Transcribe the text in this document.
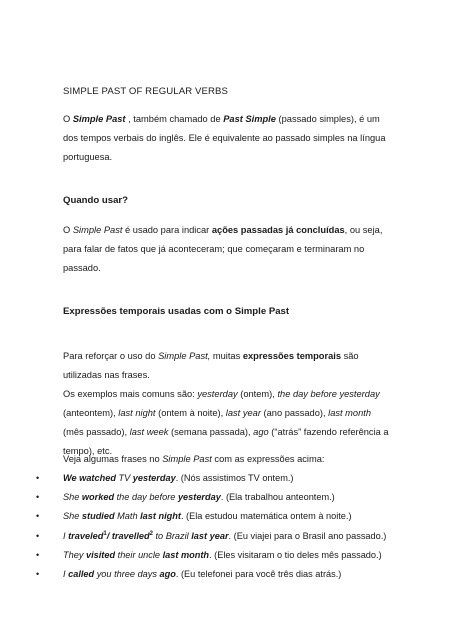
SIMPLE PAST OF REGULAR VERBS
O Simple Past , também chamado de Past Simple (passado simples), é um dos tempos verbais do inglês. Ele é equivalente ao passado simples na língua portuguesa.
Quando usar?
O Simple Past é usado para indicar ações passadas já concluídas, ou seja, para falar de fatos que já aconteceram; que começaram e terminaram no passado.
Expressões temporais usadas com o Simple Past
Para reforçar o uso do Simple Past, muitas expressões temporais são utilizadas nas frases.
Os exemplos mais comuns são: yesterday (ontem), the day before yesterday (anteontem), last night (ontem à noite), last year (ano passado), last month (mês passado), last week (semana passada), ago (“atrás” fazendo referência a tempo), etc.
Veja algumas frases no Simple Past com as expressões acima:
•	We watched TV yesterday. (Nós assistimos TV ontem.)
•	She worked the day before yesterday. (Ela trabalhou anteontem.)
•	She studied Math last night. (Ela estudou matemática ontem à noite.)
•	I traveled$^1$/ travelled$^2$ to Brazil last year. (Eu viajei para o Brasil ano passado.)
•	They visited their uncle last month. (Eles visitaram o tio deles mês passado.)
•	I called you three days ago. (Eu telefonei para você três dias atrás.)
